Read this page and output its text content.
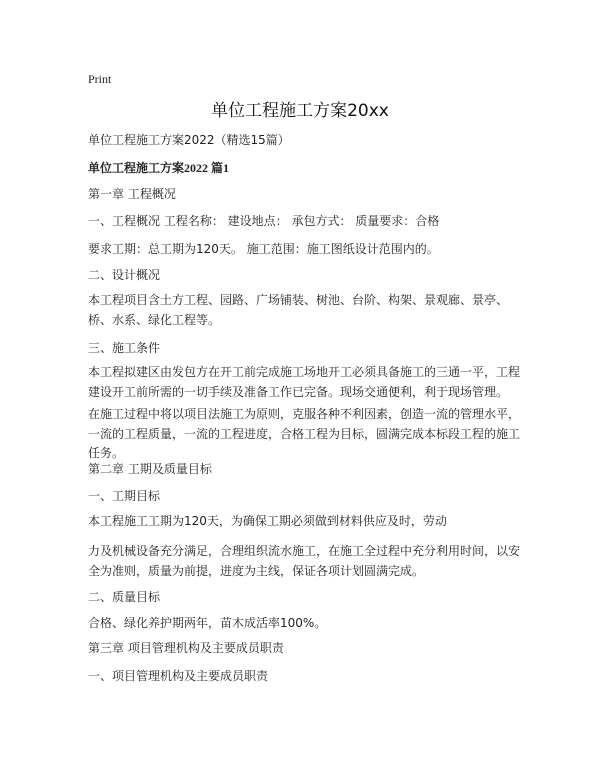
Print
单位工程施工方案20xx
单位工程施工方案2022（精选15篇）
单位工程施工方案2022 篇1
第一章 工程概况
一、工程概况 工程名称： 建设地点： 承包方式： 质量要求：合格
要求工期：总工期为120天。 施工范围：施工图纸设计范围内的。
二、设计概况
本工程项目含土方工程、园路、广场铺装、树池、台阶、构架、景观廊、景亭、桥、水系、绿化工程等。
三、施工条件
本工程拟建区由发包方在开工前完成施工场地开工必须具备施工的三通一平，工程建设开工前所需的一切手续及准备工作已完备。现场交通便利，利于现场管理。
在施工过程中将以项目法施工为原则，克服各种不利因素，创造一流的管理水平，一流的工程质量，一流的工程进度，合格工程为目标，圆满完成本标段工程的施工任务。
第二章 工期及质量目标
一、工期目标
本工程施工工期为120天，为确保工期必须做到材料供应及时，劳动
力及机械设备充分满足，合理组织流水施工，在施工全过程中充分利用时间，以安全为准则，质量为前提，进度为主线，保证各项计划圆满完成。
二、质量目标
合格、绿化养护期两年，苗木成活率100%。
第三章 项目管理机构及主要成员职责
一、项目管理机构及主要成员职责
